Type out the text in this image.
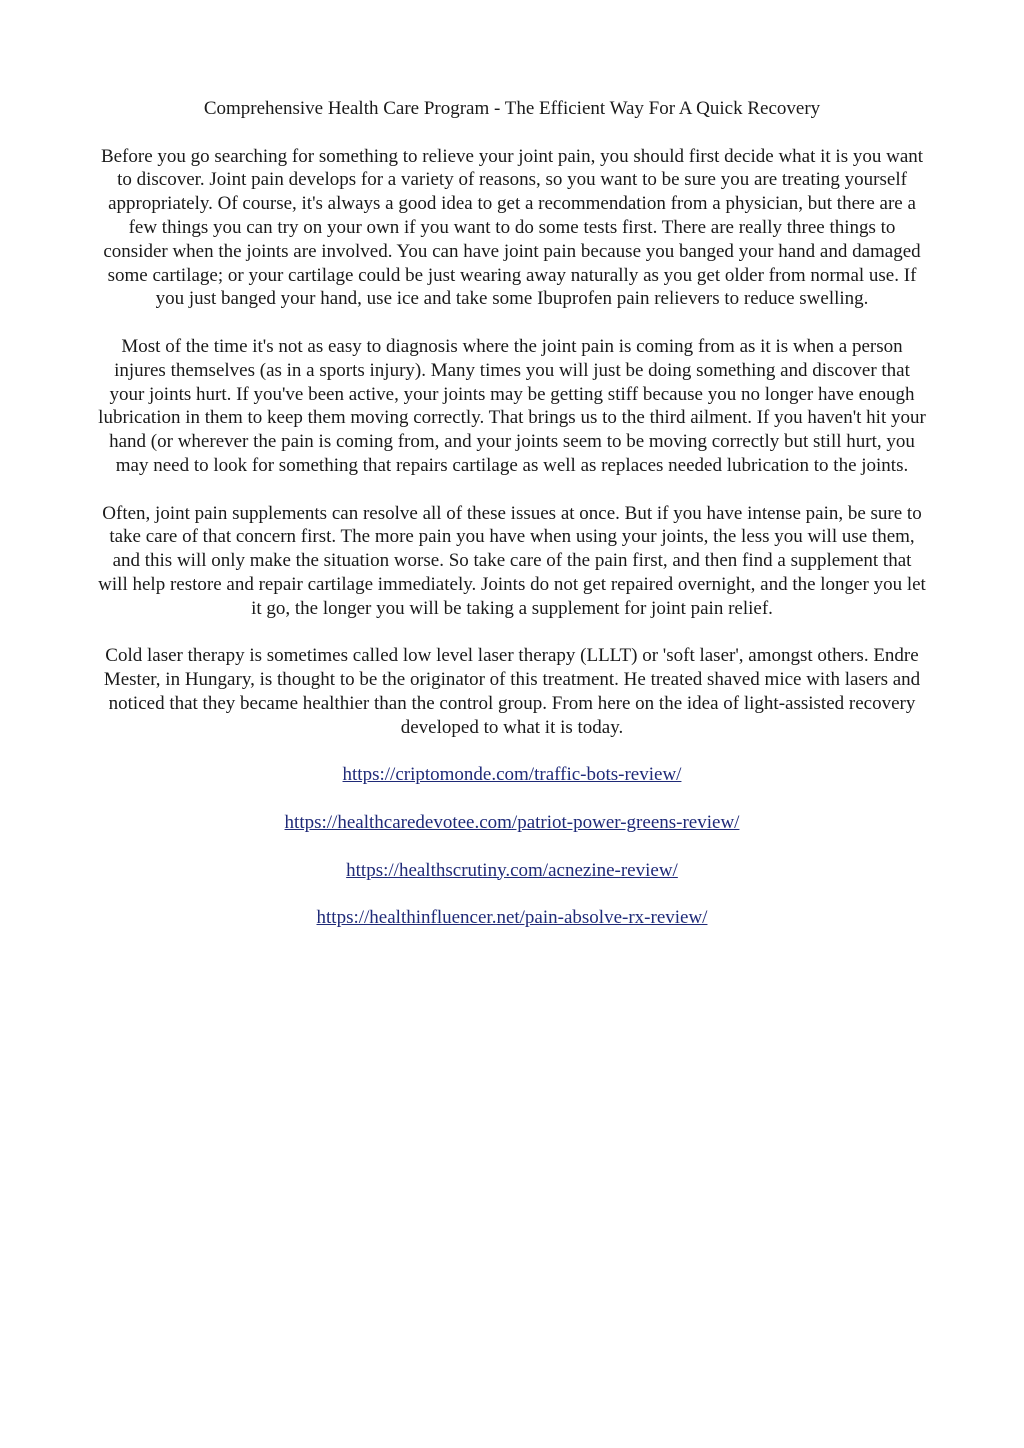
Comprehensive Health Care Program - The Efficient Way For A Quick Recovery

Before you go searching for something to relieve your joint pain, you should first decide what it is you want to discover. Joint pain develops for a variety of reasons, so you want to be sure you are treating yourself appropriately. Of course, it's always a good idea to get a recommendation from a physician, but there are a few things you can try on your own if you want to do some tests first. There are really three things to consider when the joints are involved. You can have joint pain because you banged your hand and damaged some cartilage; or your cartilage could be just wearing away naturally as you get older from normal use. If you just banged your hand, use ice and take some Ibuprofen pain relievers to reduce swelling.

Most of the time it's not as easy to diagnosis where the joint pain is coming from as it is when a person injures themselves (as in a sports injury). Many times you will just be doing something and discover that your joints hurt. If you've been active, your joints may be getting stiff because you no longer have enough lubrication in them to keep them moving correctly. That brings us to the third ailment. If you haven't hit your hand (or wherever the pain is coming from, and your joints seem to be moving correctly but still hurt, you may need to look for something that repairs cartilage as well as replaces needed lubrication to the joints.

Often, joint pain supplements can resolve all of these issues at once. But if you have intense pain, be sure to take care of that concern first. The more pain you have when using your joints, the less you will use them, and this will only make the situation worse. So take care of the pain first, and then find a supplement that will help restore and repair cartilage immediately. Joints do not get repaired overnight, and the longer you let it go, the longer you will be taking a supplement for joint pain relief.

Cold laser therapy is sometimes called low level laser therapy (LLLT) or 'soft laser', amongst others. Endre Mester, in Hungary, is thought to be the originator of this treatment. He treated shaved mice with lasers and noticed that they became healthier than the control group. From here on the idea of light-assisted recovery developed to what it is today.

https://criptomonde.com/traffic-bots-review/
https://healthcaredevotee.com/patriot-power-greens-review/
https://healthscrutiny.com/acnezine-review/
https://healthinfluencer.net/pain-absolve-rx-review/
